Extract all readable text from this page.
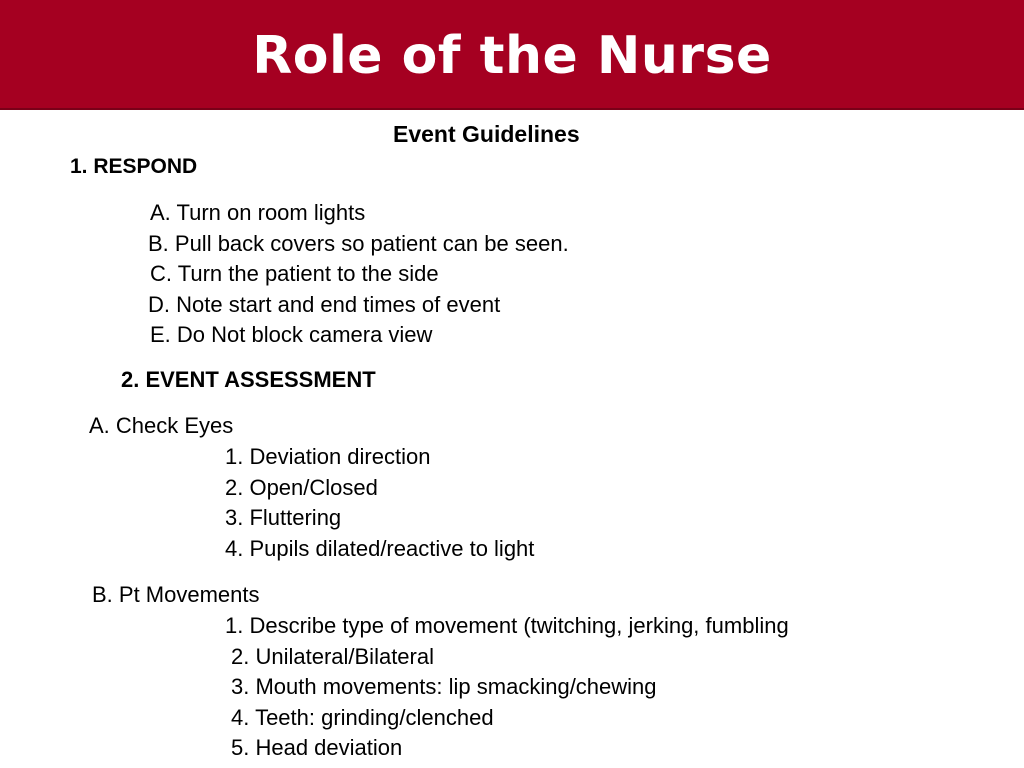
Role of the Nurse
Event Guidelines
1. RESPOND
A. Turn on room lights
B. Pull back covers so patient can be seen.
C. Turn the patient to the side
D. Note start and end times of event
E. Do Not block camera view
2. EVENT ASSESSMENT
A. Check Eyes
1. Deviation direction
2. Open/Closed
3. Fluttering
4. Pupils dilated/reactive to light
B. Pt Movements
1. Describe type of movement (twitching, jerking, fumbling
2. Unilateral/Bilateral
3. Mouth movements: lip smacking/chewing
4. Teeth: grinding/clenched
5. Head deviation
